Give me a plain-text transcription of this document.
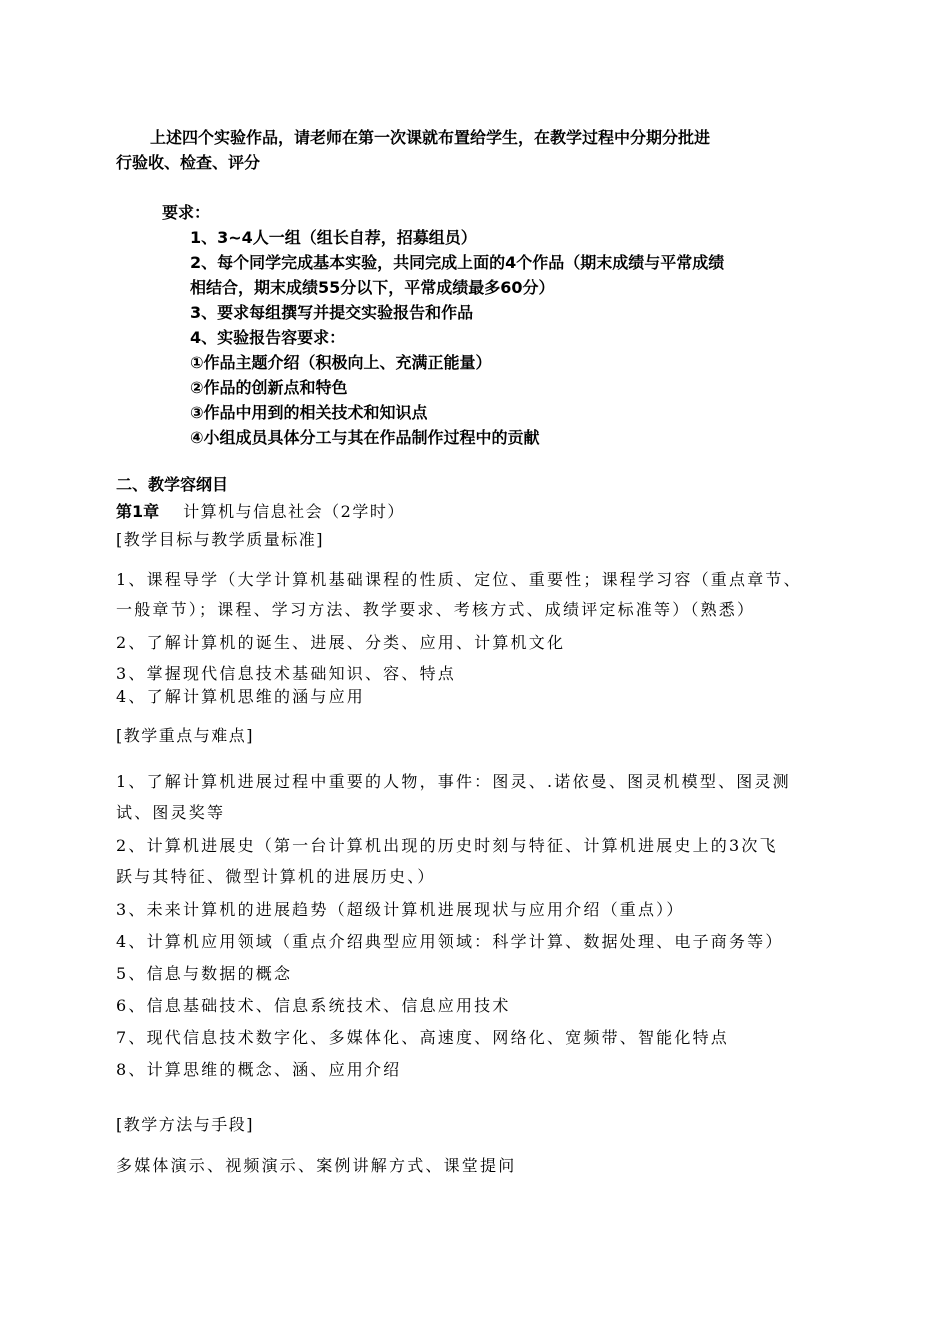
上述四个实验作品，请老师在第一次课就布置给学生，在教学过程中分期分批进
行验收、检查、评分
要求：
1、3~4人一组（组长自荐，招募组员）
2、每个同学完成基本实验，共同完成上面的4个作品（期末成绩与平常成绩
相结合，期末成绩55分以下，平常成绩最多60分）
3、要求每组撰写并提交实验报告和作品
4、实验报告容要求：
①作品主题介绍（积极向上、充满正能量）
②作品的创新点和特色
③作品中用到的相关技术和知识点
④小组成员具体分工与其在作品制作过程中的贡献
二、教学容纲目
第1章 计算机与信息社会（2学时）
[教学目标与教学质量标准]
1、课程导学（大学计算机基础课程的性质、定位、重要性；课程学习容（重点章节、
一般章节）；课程、学习方法、教学要求、考核方式、成绩评定标准等）（熟悉）
2、了解计算机的诞生、进展、分类、应用、计算机文化
3、掌握现代信息技术基础知识、容、特点
4、了解计算机思维的涵与应用
[教学重点与难点]
1、了解计算机进展过程中重要的人物，事件：图灵、.诺依曼、图灵机模型、图灵测
试、图灵奖等
2、计算机进展史（第一台计算机出现的历史时刻与特征、计算机进展史上的3次飞
跃与其特征、微型计算机的进展历史、）
3、未来计算机的进展趋势（超级计算机进展现状与应用介绍（重点））
4、计算机应用领域（重点介绍典型应用领域：科学计算、数据处理、电子商务等）
5、信息与数据的概念
6、信息基础技术、信息系统技术、信息应用技术
7、现代信息技术数字化、多媒体化、高速度、网络化、宽频带、智能化特点
8、计算思维的概念、涵、应用介绍
[教学方法与手段]
多媒体演示、视频演示、案例讲解方式、课堂提问
